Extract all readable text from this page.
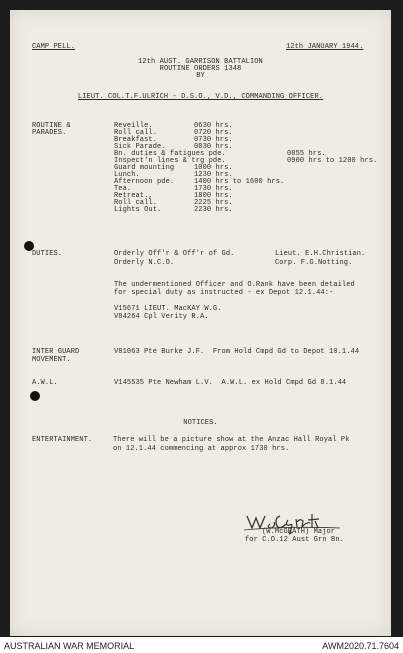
CAMP PELL.	12th JANUARY 1944.
12th AUST. GARRISON BATTALION
ROUTINE ORDERS 1348
BY
LIEUT. COL.T.F.ULRICH - D.S.O., V.D., COMMANDING OFFICER.
ROUTINE &
PARADES.
Reveille.	0630 hrs.
Roll call.	0720 hrs.
Breakfast.	0730 hrs.
Sick Parade.	0830 hrs.
Bn. duties & fatigues pde.	0855 hrs.
Inspect'n lines & trg pde.	0900 hrs to 1200 hrs.
Guard mounting	1000 hrs.
Lunch.	1230 hrs.
Afternoon pde.	1400 hrs to 1600 hrs.
Tea.	1730 hrs.
Retreat.,	1800 hrs.
Roll call.	2225 hrs.
Lights Out.	2230 hrs.
DUTIES.	Orderly Off'r & Off'r of Gd.	Lieut. E.H.Christian.
Orderly N.C.O.	Corp. F.G.Notting.
The undermentioned Officer and O.Rank have been detailed
for special duty as instructed - ex Depot 12.1.44:-
V15671 LIEUT. MacKAY W.G.
V84264 Cpl Verity R.A.
INTER GUARD
MOVEMENT.
V81063 Pte Burke J.F.  From Hold Cmpd Gd to Depot 10.1.44
A.W.L.	V145535 Pte Newham L.V.  A.W.L. ex Hold Cmpd Gd 8.1.44
NOTICES.
ENTERTAINMENT.	There will be a picture show at the Anzac Hall Royal Pk
on 12.1.44 commencing at approx 1730 hrs.
(W.McGRATH) Major
for C.O.12 Aust Grn Bn.
AUSTRALIAN WAR MEMORIAL	AWM2020.71.7604
